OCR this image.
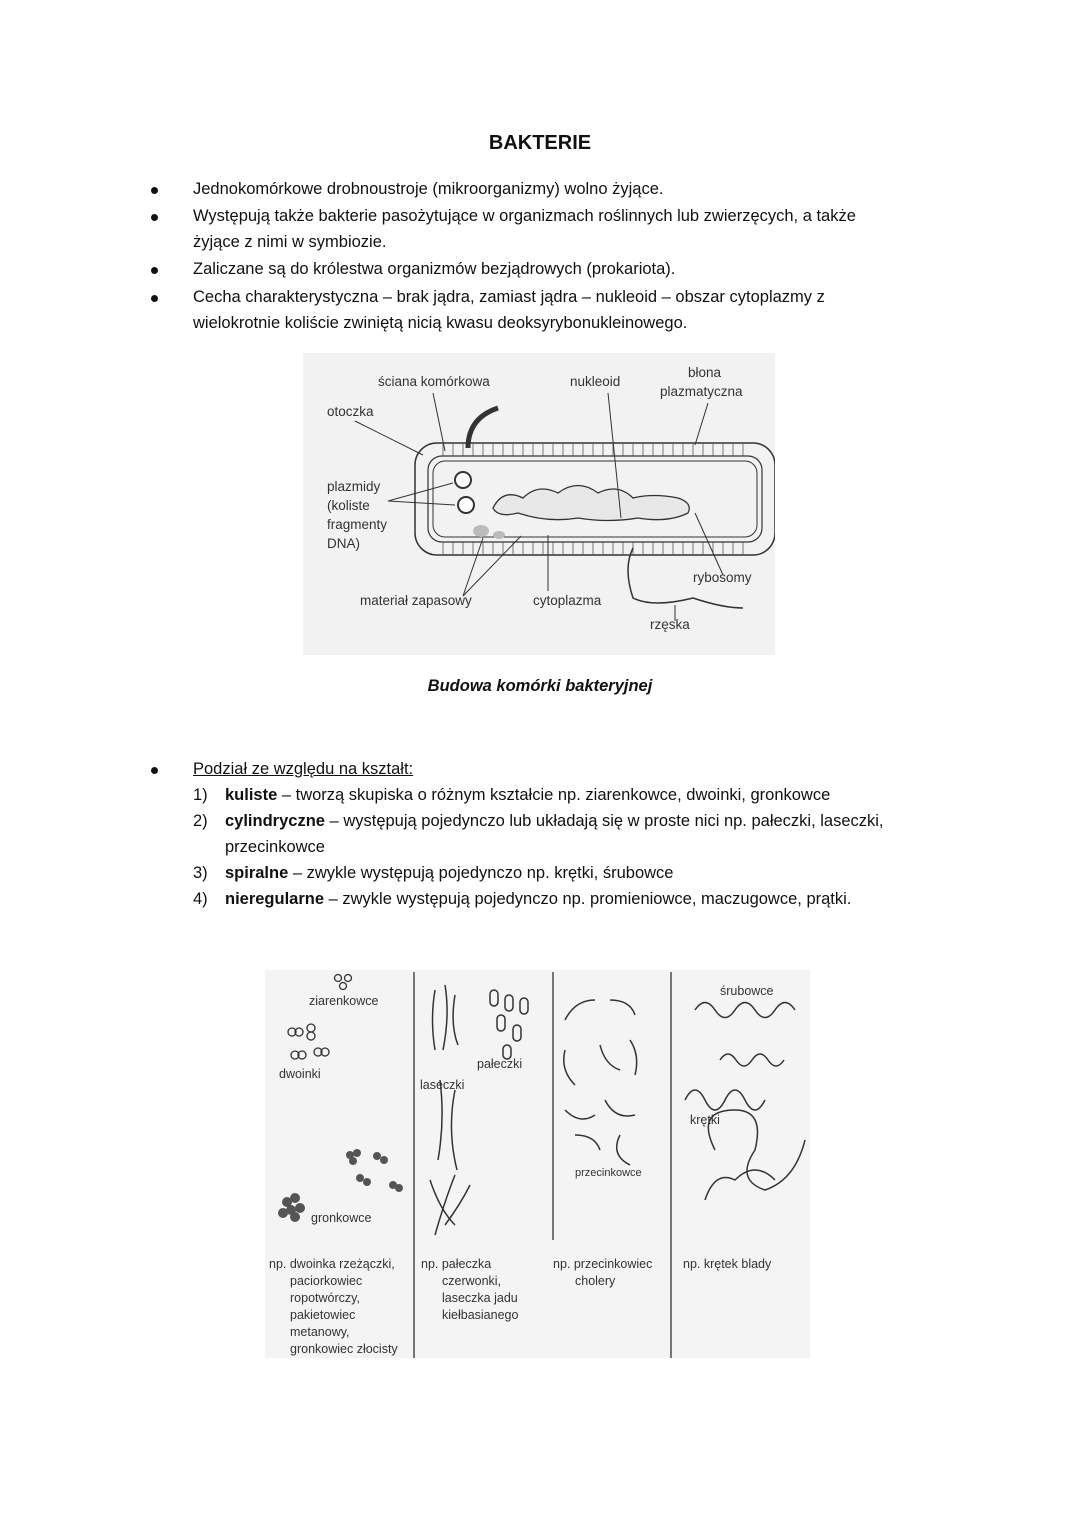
BAKTERIE
Jednokomórkowe drobnoustroje (mikroorganizmy) wolno żyjące.
Występują także bakterie pasożytujące w organizmach roślinnych lub zwierzęcych, a także
żyjące z nimi w symbiozie.
Zaliczane są do królestwa organizmów bezjądrowych (prokariota).
Cecha charakterystyczna – brak jądra, zamiast jądra – nukleoid – obszar cytoplazmy z
wielokrotnie koliście zwiniętą nicią kwasu deoksyrybonukleinowego.
ściana komórkowa	nukleoid
błona
plazmatyczna
otoczka
plazmidy
(koliste
fragmenty
DNA)
materiał zapasowy	cytoplazma
rybosomy
rzęska
Budowa komórki bakteryjnej
Podział ze względu na kształt:
1) kuliste – tworzą skupiska o różnym kształcie np. ziarenkowce, dwoinki, gronkowce
2) cylindryczne – występują pojedynczo lub układają się w proste nici np. pałeczki, laseczki,
przecinkowce
3) spiralne – zwykle występują pojedynczo np. krętki, śrubowce
4) nieregularne – zwykle występują pojedynczo np. promieniowce, maczugowce, prątki.
ziarenkowce
dwoinki
gronkowce
laseczki
pałeczki
przecinkowce
śrubowce
krętki
np. dwoinka rzeżączki,
paciorkowiec
ropotwórczy,
pakietowiec
metanowy,
gronkowiec złocisty
np. pałeczka
czerwonki,
laseczka jadu
kiełbasianego
np. przecinkowiec
cholery
np. krętek blady
